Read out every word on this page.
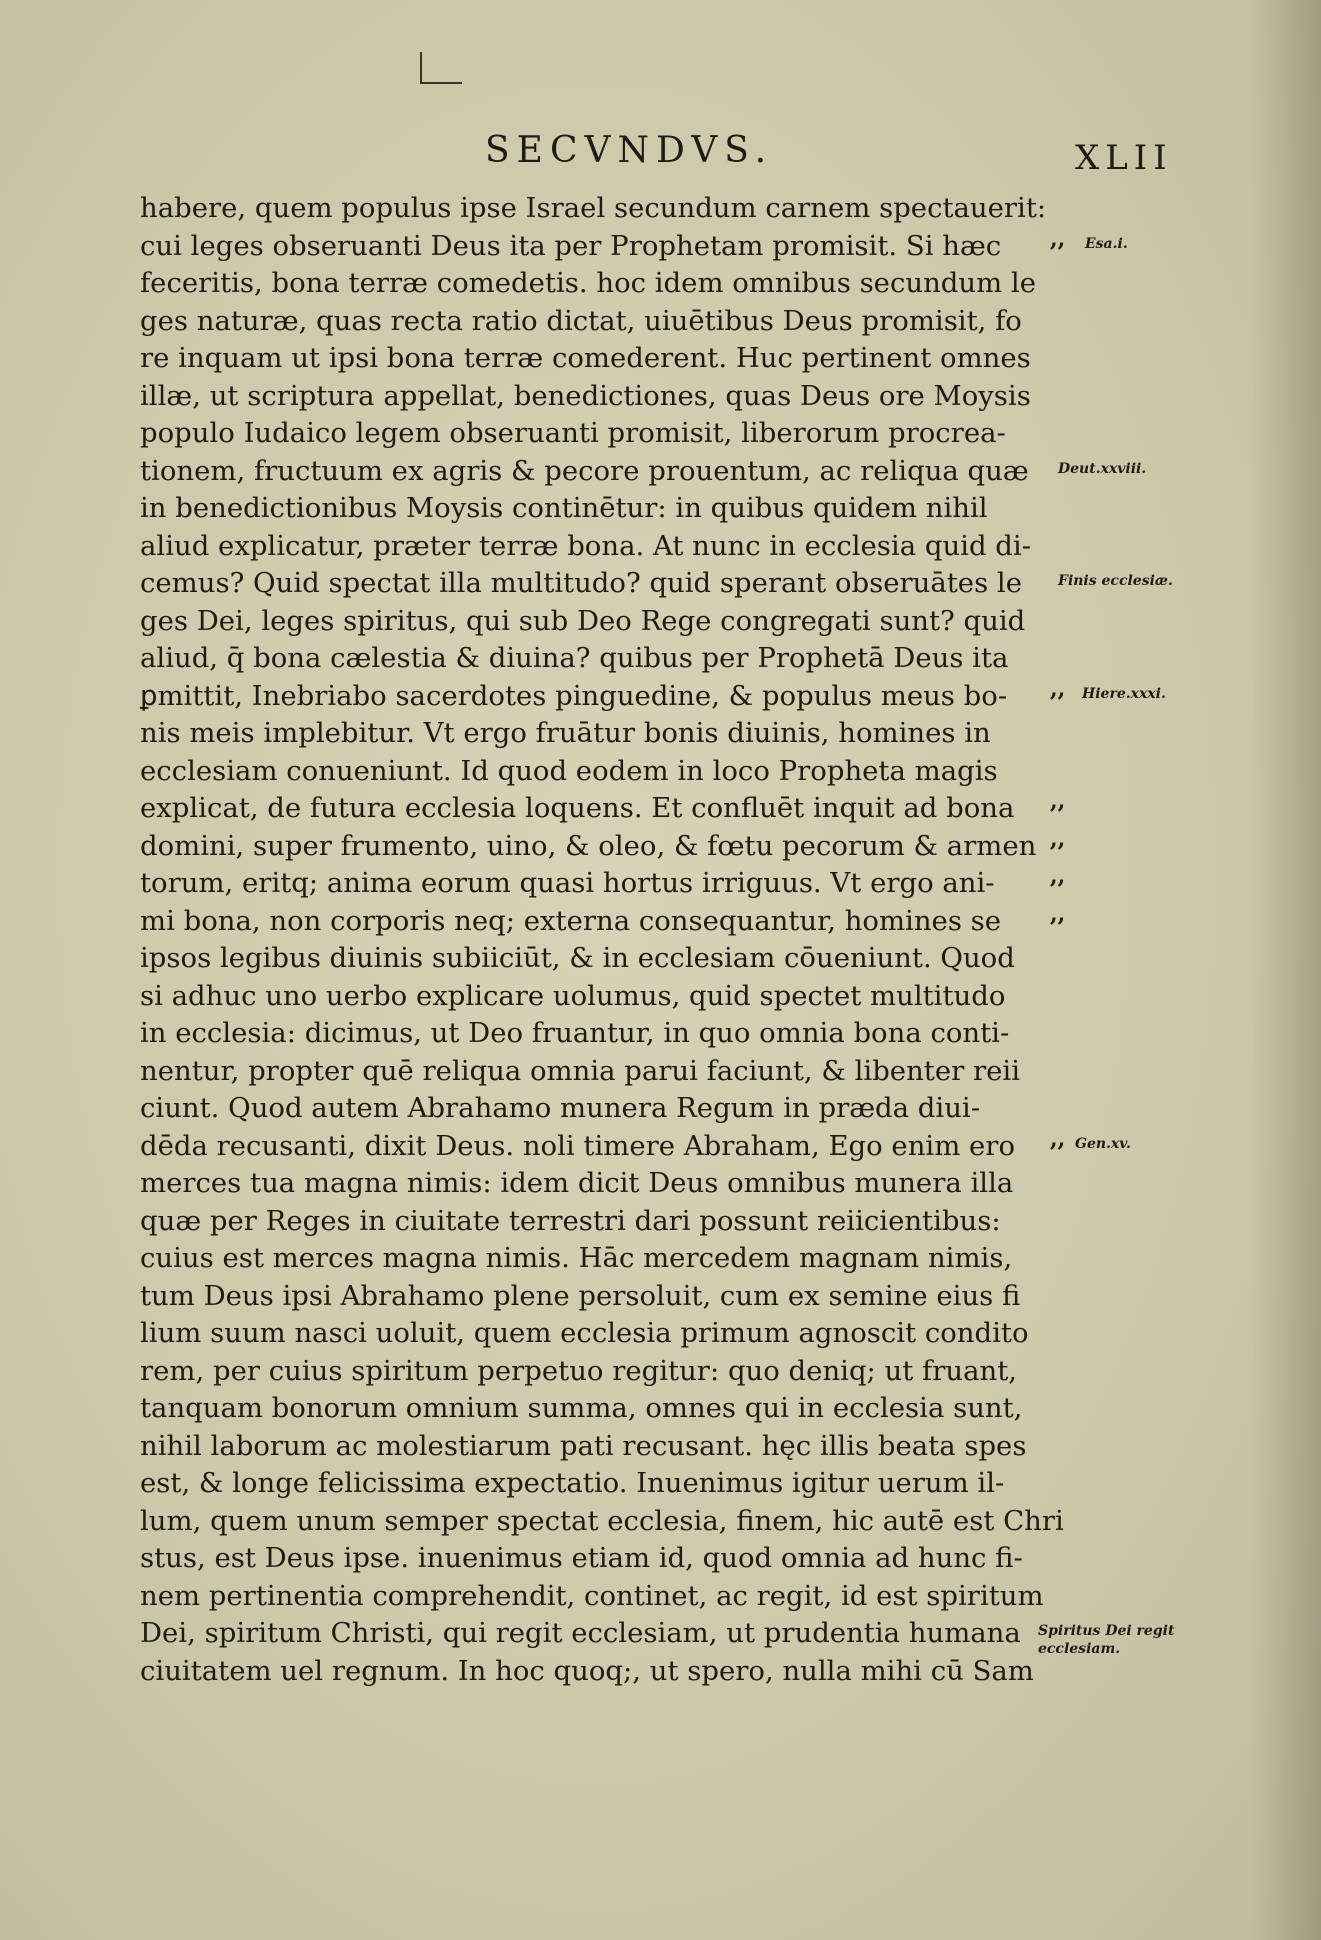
SECVNDVS.	XLII
habere, quem populus ipse Israel secundum carnem spectauerit:
cui leges obseruanti Deus ita per Prophetam promisit. Si hæc
feceritis, bona terræ comedetis. hoc idem omnibus secundum le
ges naturæ, quas recta ratio dictat, uiuētibus Deus promisit, fo
re inquam ut ipsi bona terræ comederent. Huc pertinent omnes
illæ, ut scriptura appellat, benedictiones, quas Deus ore Moysis
populo Iudaico legem obseruanti promisit, liberorum procrea-
tionem, fructuum ex agris & pecore prouentum, ac reliqua quæ
in benedictionibus Moysis continētur: in quibus quidem nihil
aliud explicatur, præter terræ bona. At nunc in ecclesia quid di-
cemus? Quid spectat illa multitudo? quid sperant obseruātes le
ges Dei, leges spiritus, qui sub Deo Rege congregati sunt? quid
aliud, q̄ bona cælestia & diuina? quibus per Prophetā Deus ita
ꝑmittit, Inebriabo sacerdotes pinguedine, & populus meus bo-
nis meis implebitur. Vt ergo fruātur bonis diuinis, homines in
ecclesiam conueniunt. Id quod eodem in loco Propheta magis
explicat, de futura ecclesia loquens. Et confluēt inquit ad bona
domini, super frumento, uino, & oleo, & fœtu pecorum & armen
torum, eritq; anima eorum quasi hortus irriguus. Vt ergo ani-
mi bona, non corporis neq; externa consequantur, homines se
ipsos legibus diuinis subiiciūt, & in ecclesiam cōueniunt. Quod
si adhuc uno uerbo explicare uolumus, quid spectet multitudo
in ecclesia: dicimus, ut Deo fruantur, in quo omnia bona conti-
nentur, propter quē reliqua omnia parui faciunt, & libenter reii
ciunt. Quod autem Abrahamo munera Regum in præda diui-
dēda recusanti, dixit Deus. noli timere Abraham, Ego enim ero
merces tua magna nimis: idem dicit Deus omnibus munera illa
quæ per Reges in ciuitate terrestri dari possunt reiicientibus:
cuius est merces magna nimis. Hāc mercedem magnam nimis,
tum Deus ipsi Abrahamo plene persoluit, cum ex semine eius fi
lium suum nasci uoluit, quem ecclesia primum agnoscit condito
rem, per cuius spiritum perpetuo regitur: quo deniq; ut fruant,
tanquam bonorum omnium summa, omnes qui in ecclesia sunt,
nihil laborum ac molestiarum pati recusant. hęc illis beata spes
est, & longe felicissima expectatio. Inuenimus igitur uerum il-
lum, quem unum semper spectat ecclesia, finem, hic autē est Chri
stus, est Deus ipse. inuenimus etiam id, quod omnia ad hunc fi-
nem pertinentia comprehendit, continet, ac regit, id est spiritum
Dei, spiritum Christi, qui regit ecclesiam, ut prudentia humana
ciuitatem uel regnum. In hoc quoq;, ut spero, nulla mihi cū Sam
Esa.i.
Deut.xxviii.
Finis ecclesiæ.
Hiere.xxxi.
Gen.xv.
Spiritus Dei regit
ecclesiam.
,,
,,
,,
,,
,,
,,
,,
